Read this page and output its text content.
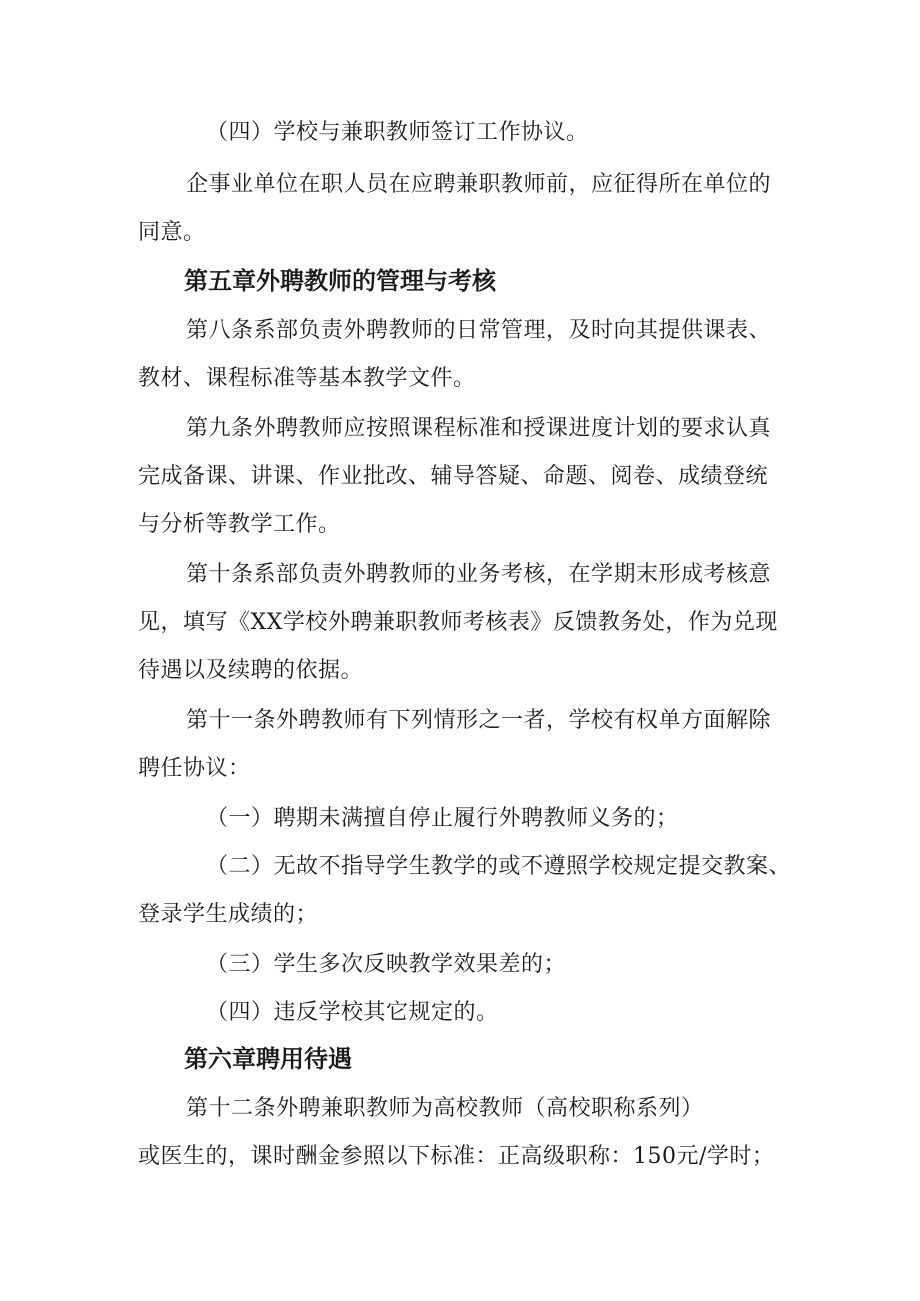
（四）学校与兼职教师签订工作协议。
企事业单位在职人员在应聘兼职教师前，应征得所在单位的
同意。
第五章外聘教师的管理与考核
第八条系部负责外聘教师的日常管理，及时向其提供课表、
教材、课程标准等基本教学文件。
第九条外聘教师应按照课程标准和授课进度计划的要求认真
完成备课、讲课、作业批改、辅导答疑、命题、阅卷、成绩登统
与分析等教学工作。
第十条系部负责外聘教师的业务考核，在学期末形成考核意
见，填写《XX学校外聘兼职教师考核表》反馈教务处，作为兑现
待遇以及续聘的依据。
第十一条外聘教师有下列情形之一者，学校有权单方面解除
聘任协议：
（一）聘期未满擅自停止履行外聘教师义务的；
（二）无故不指导学生教学的或不遵照学校规定提交教案、
登录学生成绩的；
（三）学生多次反映教学效果差的；
（四）违反学校其它规定的。
第六章聘用待遇
第十二条外聘兼职教师为高校教师（高校职称系列）
或医生的，课时酬金参照以下标准：正高级职称：150元/学时；
